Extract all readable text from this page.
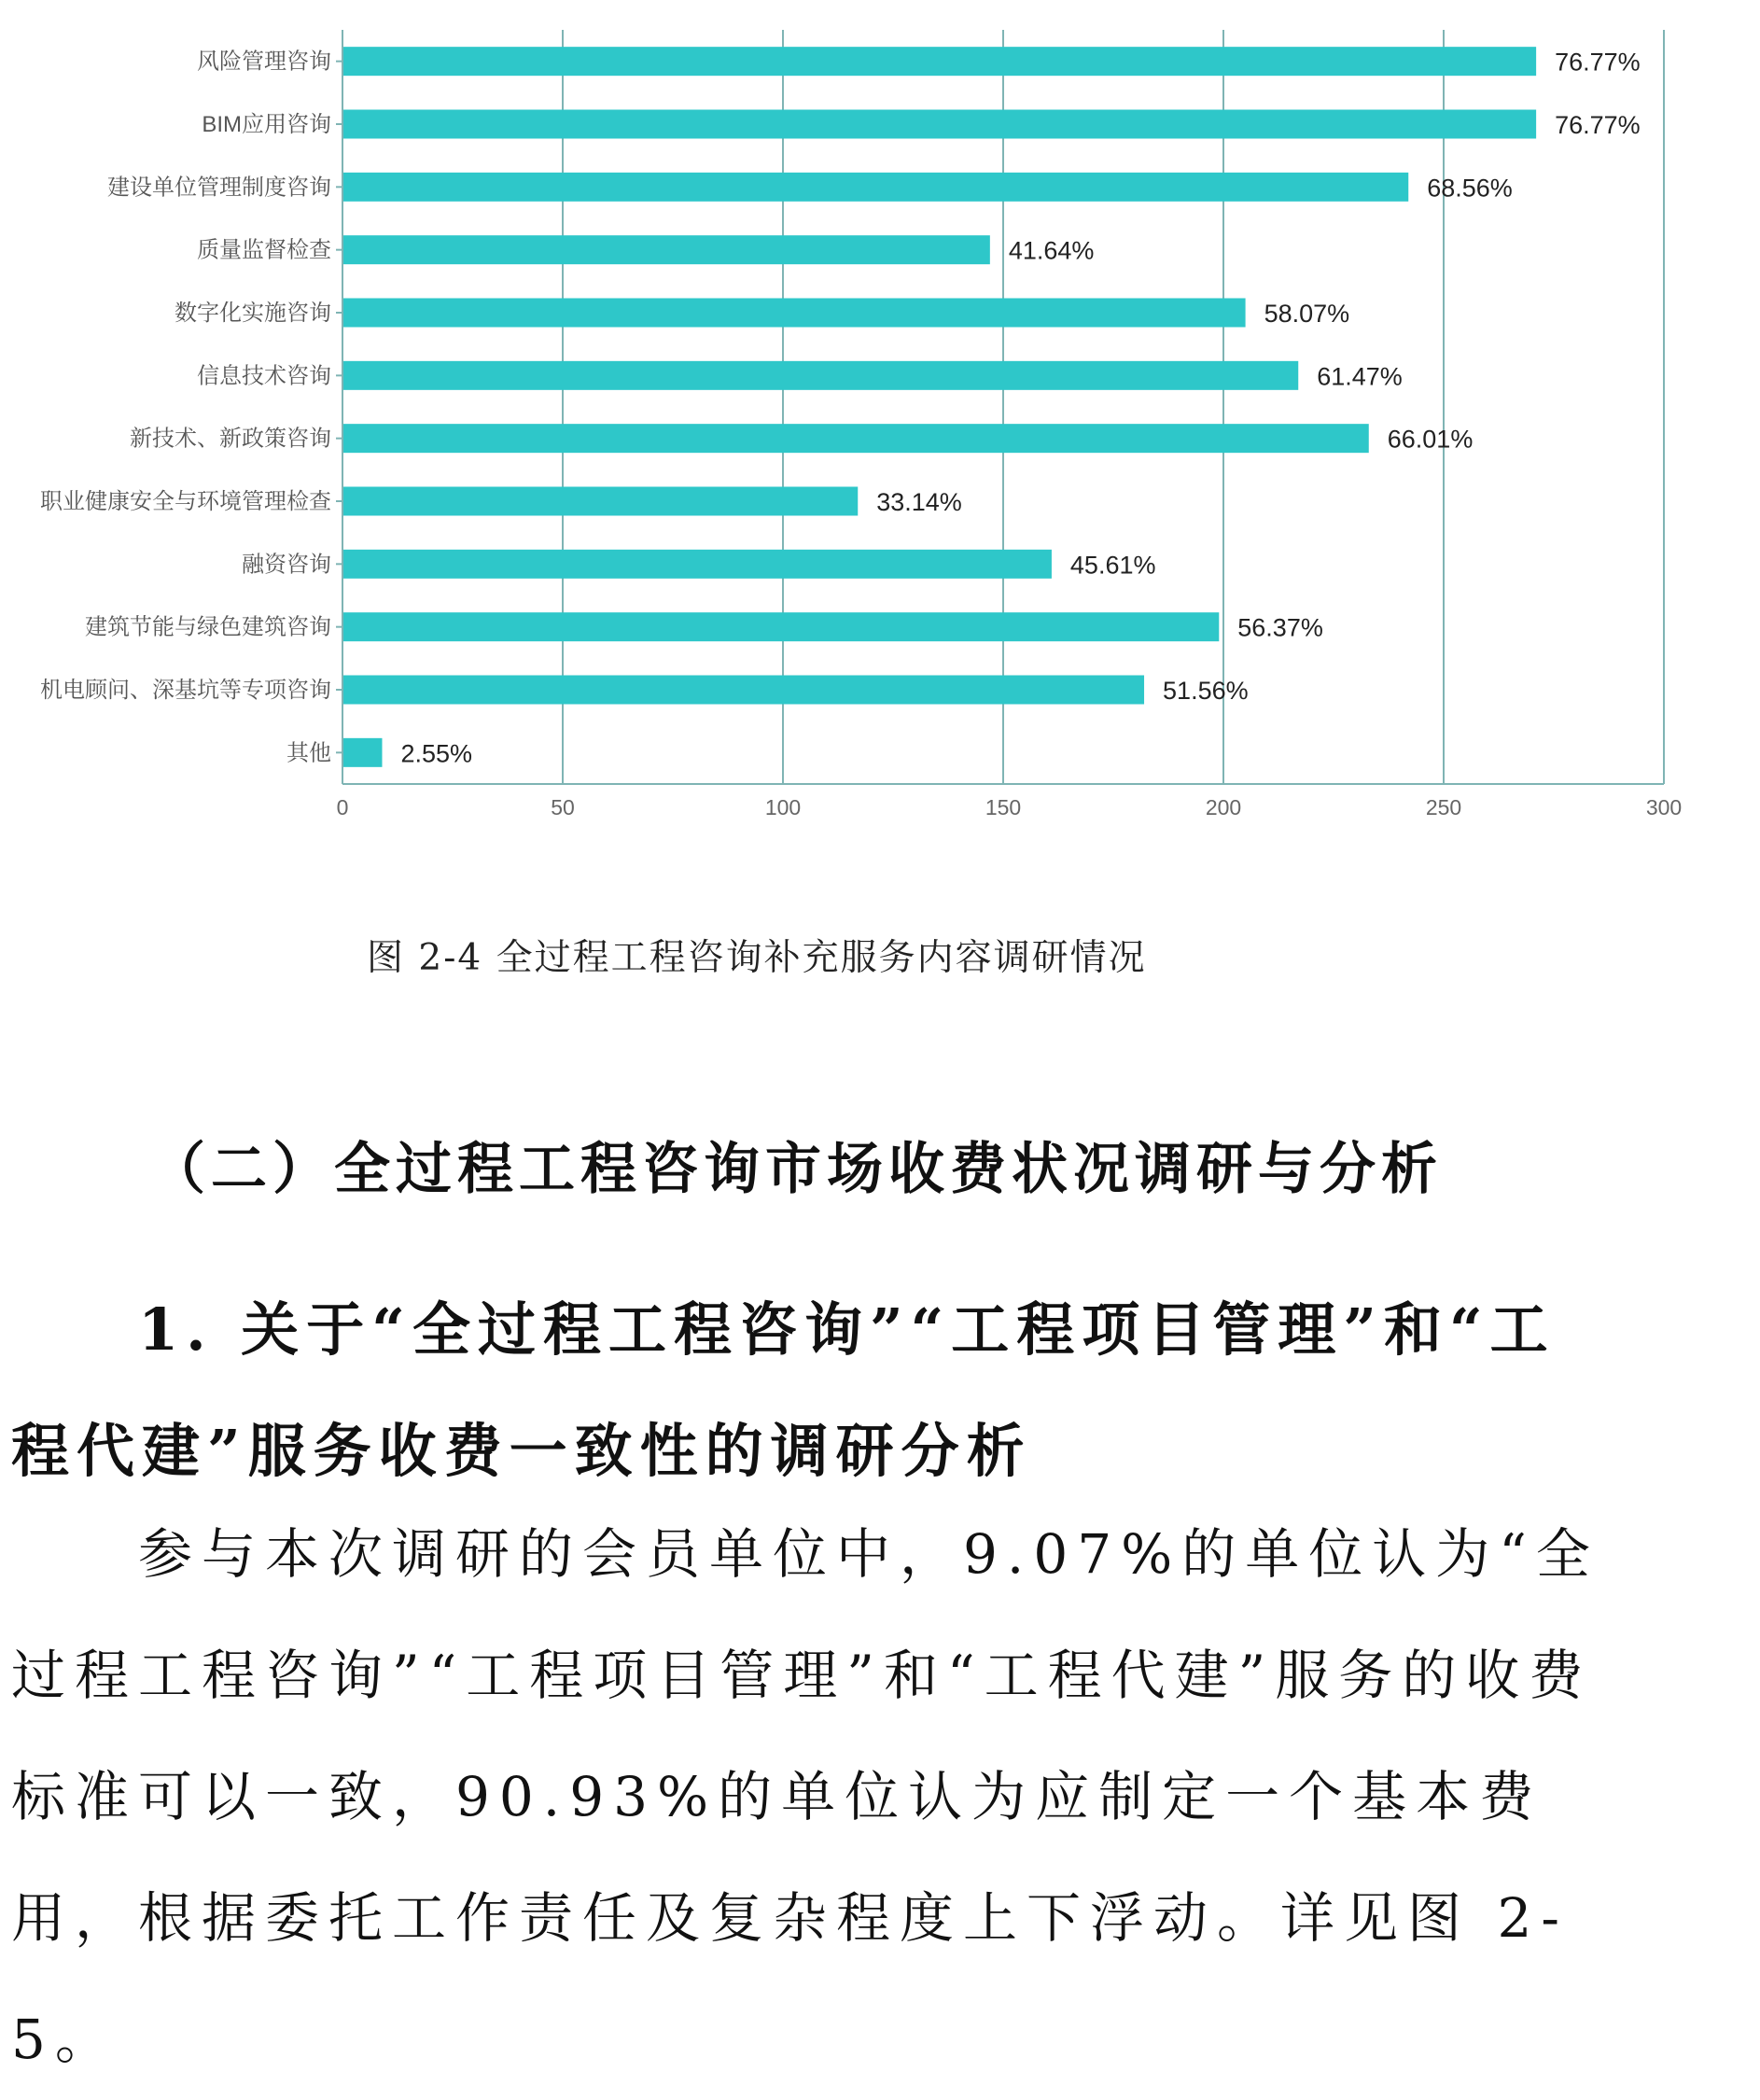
76.77%
76.77%
68.56%
41.64%
58.07%
61.47%
66.01%
33.14%
45.61%
56.37%
51.56%
2.55%
0	50	100	150	200	250	300
风险管理咨询
BIM应用咨询
建设单位管理制度咨询
质量监督检查
数字化实施咨询
信息技术咨询
新技术、新政策咨询
职业健康安全与环境管理检查
融资咨询
建筑节能与绿色建筑咨询
机电顾问、深基坑等专项咨询
其他
图 2-4 全过程工程咨询补充服务内容调研情况
（二）全过程工程咨询市场收费状况调研与分析
1. 关于“全过程工程咨询”“工程项目管理”和“工程代建”服务收费一致性的调研分析
参与本次调研的会员单位中，9.07%的单位认为“全过程工程咨询”“工程项目管理”和“工程代建”服务的收费标准可以一致，90.93%的单位认为应制定一个基本费用，根据委托工作责任及复杂程度上下浮动。详见图 2-5。
